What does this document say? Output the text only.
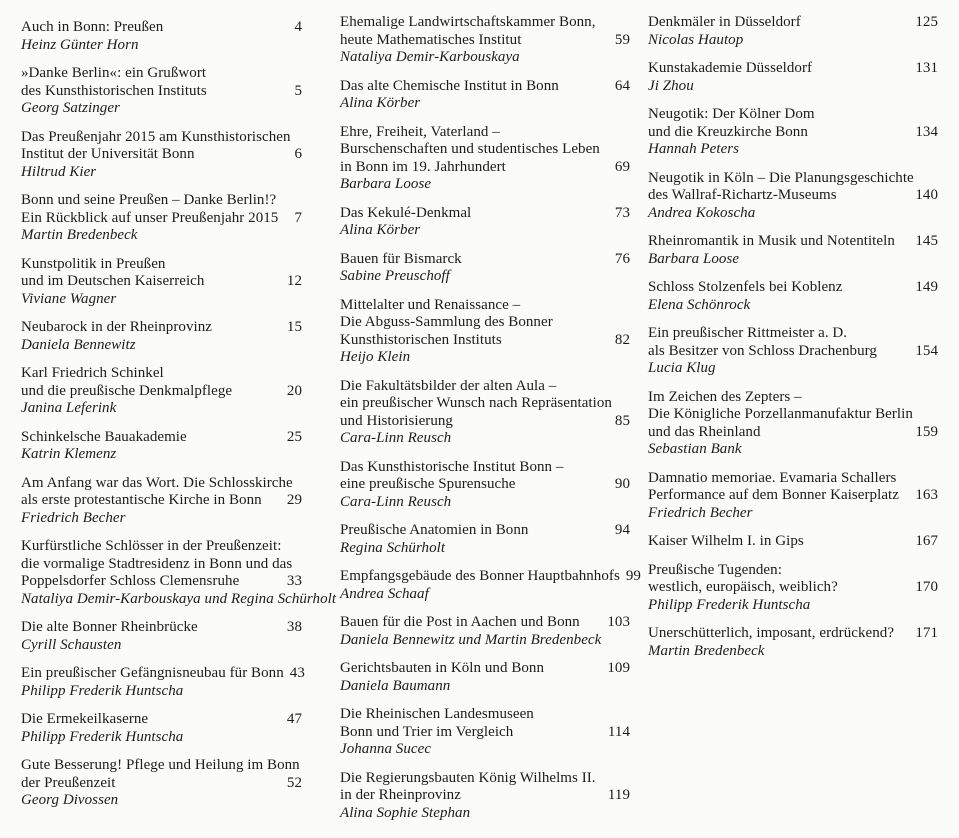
Auch in Bonn: Preußen	4
Heinz Günter Horn
»Danke Berlin«: ein Grußwort
des Kunsthistorischen Instituts	5
Georg Satzinger
Das Preußenjahr 2015 am Kunsthistorischen
Institut der Universität Bonn	6
Hiltrud Kier
Bonn und seine Preußen – Danke Berlin!?
Ein Rückblick auf unser Preußenjahr 2015	7
Martin Bredenbeck
Kunstpolitik in Preußen
und im Deutschen Kaiserreich	12
Viviane Wagner
Neubarock in der Rheinprovinz	15
Daniela Bennewitz
Karl Friedrich Schinkel
und die preußische Denkmalpflege	20
Janina Leferink
Schinkelsche Bauakademie	25
Katrin Klemenz
Am Anfang war das Wort. Die Schlosskirche
als erste protestantische Kirche in Bonn	29
Friedrich Becher
Kurfürstliche Schlösser in der Preußenzeit:
die vormalige Stadtresidenz in Bonn und das
Poppelsdorfer Schloss Clemensruhe	33
Nataliya Demir-Karbouskaya und Regina Schürholt
Die alte Bonner Rheinbrücke	38
Cyrill Schausten
Ein preußischer Gefängnisneubau für Bonn 43
Philipp Frederik Huntscha
Die Ermekeilkaserne	47
Philipp Frederik Huntscha
Gute Besserung! Pflege und Heilung im Bonn
der Preußenzeit	52
Georg Divossen
Ehemalige Landwirtschaftskammer Bonn,
heute Mathematisches Institut	59
Nataliya Demir-Karbouskaya
Das alte Chemische Institut in Bonn	64
Alina Körber
Ehre, Freiheit, Vaterland –
Burschenschaften und studentisches Leben
in Bonn im 19. Jahrhundert	69
Barbara Loose
Das Kekulé-Denkmal	73
Alina Körber
Bauen für Bismarck	76
Sabine Preuschoff
Mittelalter und Renaissance –
Die Abguss-Sammlung des Bonner
Kunsthistorischen Instituts	82
Heijo Klein
Die Fakultätsbilder der alten Aula –
ein preußischer Wunsch nach Repräsentation
und Historisierung	85
Cara-Linn Reusch
Das Kunsthistorische Institut Bonn –
eine preußische Spurensuche	90
Cara-Linn Reusch
Preußische Anatomien in Bonn	94
Regina Schürholt
Empfangsgebäude des Bonner Hauptbahnhofs 99
Andrea Schaaf
Bauen für die Post in Aachen und Bonn	103
Daniela Bennewitz und Martin Bredenbeck
Gerichtsbauten in Köln und Bonn	109
Daniela Baumann
Die Rheinischen Landesmuseen
Bonn und Trier im Vergleich	114
Johanna Sucec
Die Regierungsbauten König Wilhelms II.
in der Rheinprovinz	119
Alina Sophie Stephan
Denkmäler in Düsseldorf	125
Nicolas Hautop
Kunstakademie Düsseldorf	131
Ji Zhou
Neugotik: Der Kölner Dom
und die Kreuzkirche Bonn	134
Hannah Peters
Neugotik in Köln – Die Planungsgeschichte
des Wallraf-Richartz-Museums	140
Andrea Kokoscha
Rheinromantik in Musik und Notentiteln	145
Barbara Loose
Schloss Stolzenfels bei Koblenz	149
Elena Schönrock
Ein preußischer Rittmeister a. D.
als Besitzer von Schloss Drachenburg	154
Lucia Klug
Im Zeichen des Zepters –
Die Königliche Porzellanmanufaktur Berlin
und das Rheinland	159
Sebastian Bank
Damnatio memoriae. Evamaria Schallers
Performance auf dem Bonner Kaiserplatz	163
Friedrich Becher
Kaiser Wilhelm I. in Gips	167
Preußische Tugenden:
westlich, europäisch, weiblich?	170
Philipp Frederik Huntscha
Unerschütterlich, imposant, erdrückend?	171
Martin Bredenbeck
